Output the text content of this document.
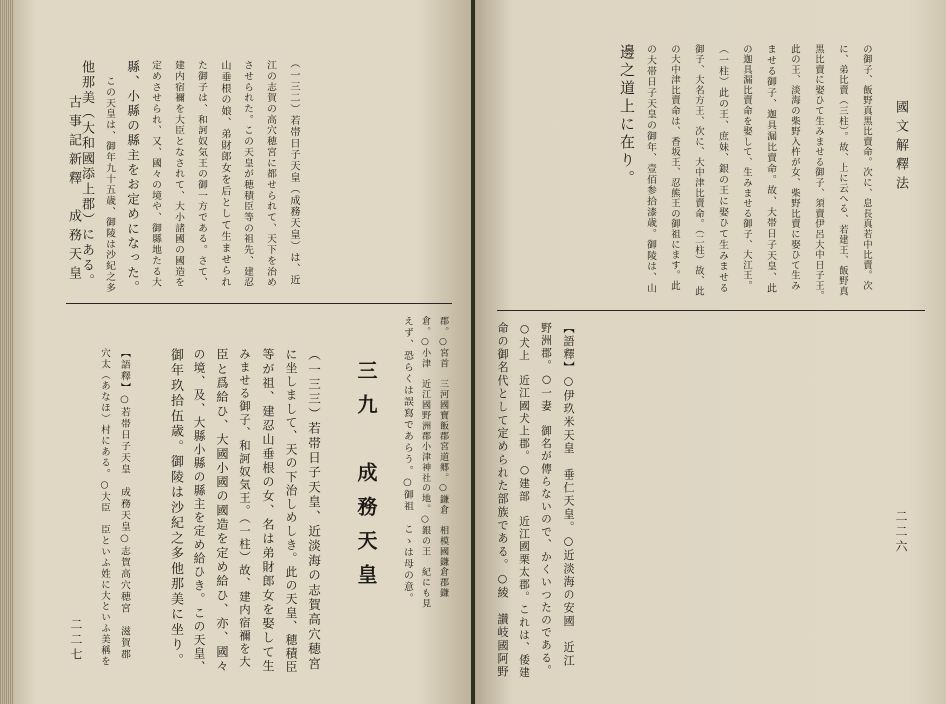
古事記新釋　成務天皇	（一三二）若帯日子天皇（成務天皇）は、近
江の志賀の高穴穂宮に都せられて、天下を治め
させられた。この天皇が穂積臣等の祖先、建忍
山垂根の娘、弟財郎女を后として生ませられ
た御子は、和訶奴気王の御一方である。さて、
建内宿禰を大臣となされて、大小諸國の國造を
定めさせられ、又、國々の境や、御縣地たる大
縣、小縣の縣主をお定めになった。
この天皇は、御年九十五歳、御陵は沙紀之多
他那美（大和國添上郡）にある。
郡。○宮首　三河國寶飯郡宮道郷。○鎌倉　相模國鎌倉郡鎌
倉。○小津　近江國野洲郡小津神社の地。○銀の王　紀にも見
えず、恐らくは誤寫であらう。○御祖　こゝは母の意。
三九　成務天皇
（一三三）若帯日子天皇、近淡海の志賀高穴穂宮
に坐しまして、天の下治しめしき。此の天皇、穂積臣
等が祖、建忍山垂根の女、名は弟財郎女を娶して生
みませる御子、和訶奴気王。（一柱）故、建内宿禰を大
臣と爲給ひ、大國小國の國造を定め給ひ、亦、國々
の境、及、大縣小縣の縣主を定め給ひき。この天皇、
御年玖拾伍歳。御陵は沙紀之多他那美に坐り。
【語釋】○若帯日子天皇　成務天皇○志賀高穴穂宮　滋賀郡
穴太（あなほ）村にある。○大臣　臣といふ姓に大といふ美稱を
二二七
國文解釋法
の御子、飯野真黒比賣命。次に、息長真若中比賣。次
に、弟比賣（三柱）。故、上に云へる、若建王、飯野真
黒比賣に娶ひて生みませる御子、須賣伊呂大中日子王。
此の王、淡海の柴野入杵が女、柴野比賣に娶ひて生み
ませる御子、迦具漏比賣命。故、大帯日子天皇、此
の迦具漏比賣命を娶して、生みませる御子、大江王。
（一柱）此の王、庶妹、銀の王に娶ひて生みませる
御子、大名方王、次に、大中津比賣命。（二柱）故、此
の大中津比賣命は、香坂王、忍熊王の御祖にます。此
の大帯日子天皇の御年、壹佰参拾漆歳。御陵は、山
邊之道上に在り。
【語釋】○伊玖米天皇　垂仁天皇。○近淡海の安國　近江
野洲郡。○一妻　御名が傳らないので、かくいつたのである。
○犬上　近江國犬上郡。○建部　近江國栗太郡。これは、倭建
命の御名代として定められた部族である。○綾　讃岐國阿野	二二六
